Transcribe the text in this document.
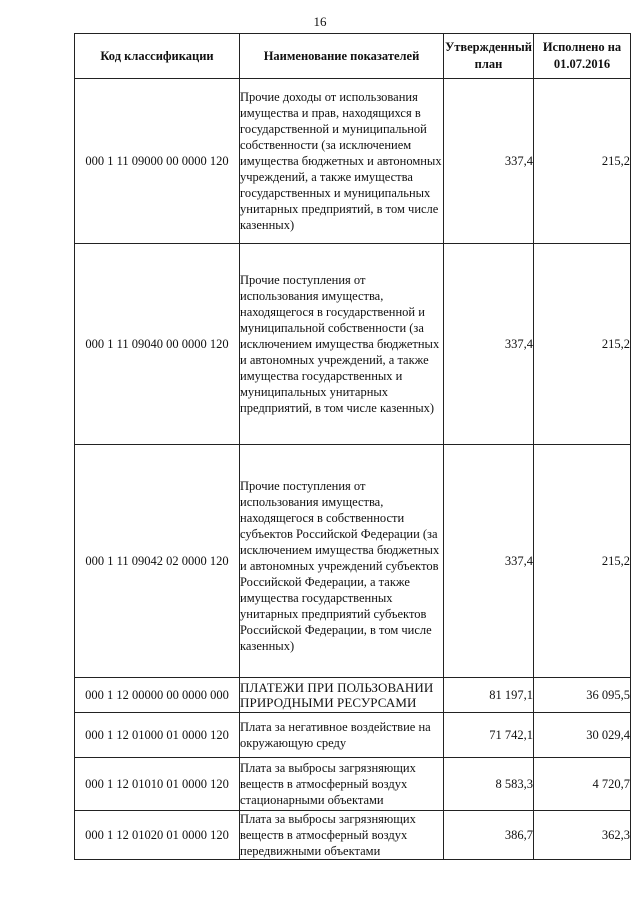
16
Код классификации	Наименование показателей	Утвержденный план	Исполнено на 01.07.2016
000 1 11 09000 00 0000 120	Прочие доходы от использования имущества и прав, находящихся в государственной и муниципальной собственности (за исключением имущества бюджетных и автономных учреждений, а также имущества государственных и муниципальных унитарных предприятий, в том числе казенных)	337,4	215,2
000 1 11 09040 00 0000 120	Прочие поступления от использования имущества, находящегося в государственной и муниципальной собственности (за исключением имущества бюджетных и автономных учреждений, а также имущества государственных и муниципальных унитарных предприятий, в том числе казенных)	337,4	215,2
000 1 11 09042 02 0000 120	Прочие поступления от использования имущества, находящегося в собственности субъектов Российской Федерации (за исключением имущества бюджетных и автономных учреждений субъектов Российской Федерации, а также имущества государственных унитарных предприятий субъектов Российской Федерации, в том числе казенных)	337,4	215,2
000 1 12 00000 00 0000 000	ПЛАТЕЖИ ПРИ ПОЛЬЗОВАНИИ ПРИРОДНЫМИ РЕСУРСАМИ	81 197,1	36 095,5
000 1 12 01000 01 0000 120	Плата за негативное воздействие на окружающую среду	71 742,1	30 029,4
000 1 12 01010 01 0000 120	Плата за выбросы загрязняющих веществ в атмосферный воздух стационарными объектами	8 583,3	4 720,7
000 1 12 01020 01 0000 120	Плата за выбросы загрязняющих веществ в атмосферный воздух передвижными объектами	386,7	362,3
